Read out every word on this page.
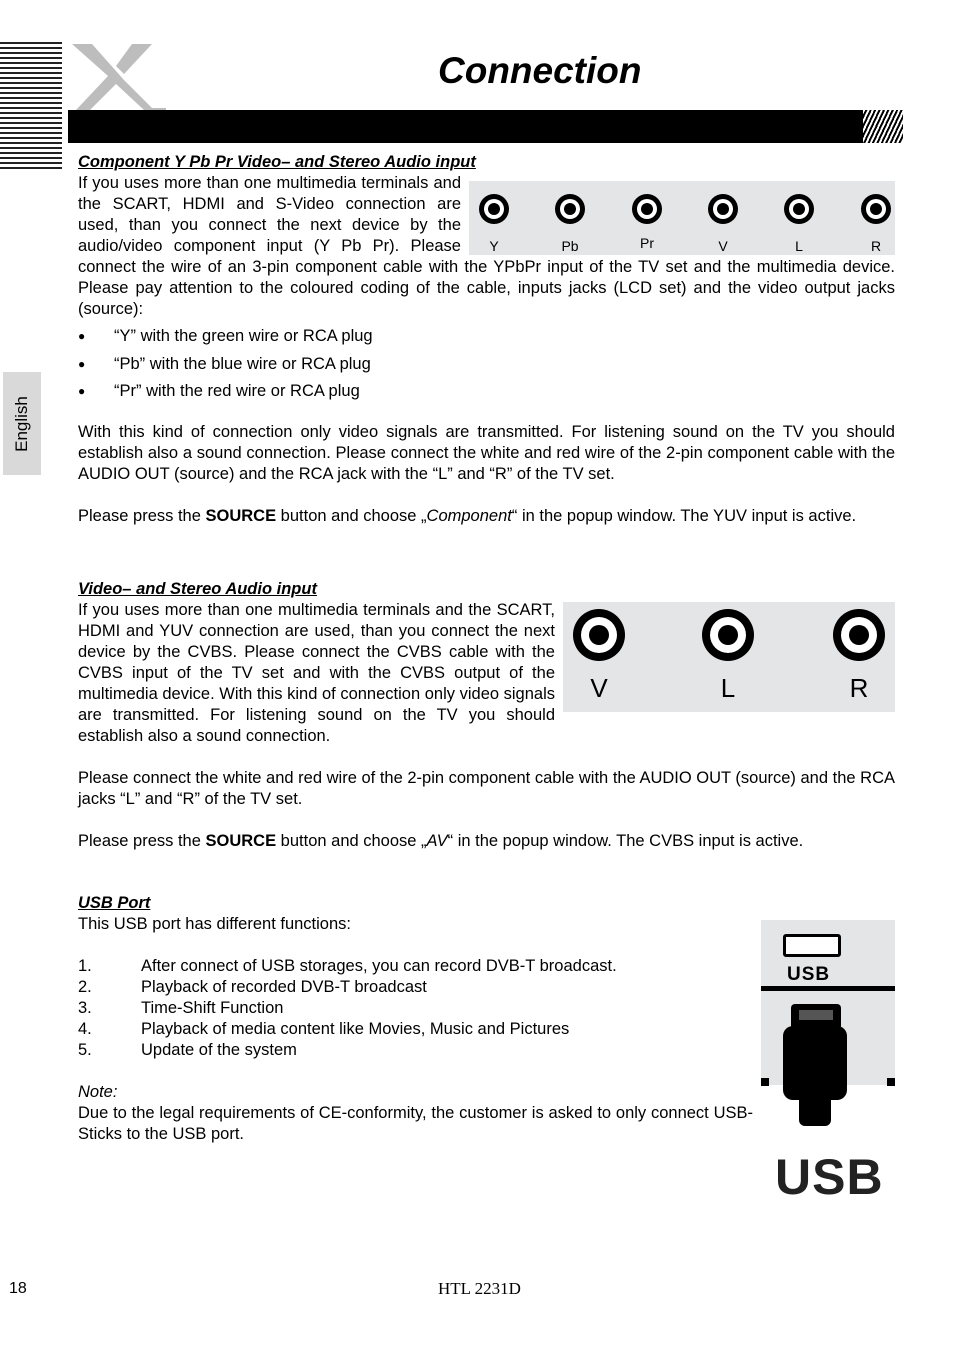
Connection
English

Component Y Pb Pr Video– and Stereo Audio input

Y	Pb	Pr	V	L	R

If you uses more than one multimedia terminals and the SCART, HDMI and S-Video connection are used, than you connect the next device by the audio/video component input (Y Pb Pr). Please connect the wire of an 3-pin component cable with the YPbPr input of the TV set and the multimedia device. Please pay attention to the coloured coding of the cable, inputs jacks (LCD set) and the video output jacks (source):

● “Y” with the green wire or RCA plug
● “Pb” with the blue wire or RCA plug
● “Pr” with the red wire or RCA plug

With this kind of connection only video signals are transmitted. For listening sound on the TV you should establish also a sound connection. Please connect the white and red wire of the 2-pin component cable with the AUDIO OUT (source) and the RCA jack with the “L” and “R” of the TV set.

Please press the SOURCE button and choose „Component“ in the popup window. The YUV input is active.

Video– and Stereo Audio input

V	L	R

If you uses more than one multimedia terminals and the SCART, HDMI and YUV connection are used, than you connect the next device by the CVBS. Please connect the CVBS cable with the CVBS input of the TV set and with the CVBS output of the multimedia device. With this kind of connection only video signals are transmitted. For listening sound on the TV you should establish also a sound connection.

Please connect the white and red wire of the 2-pin component cable with the AUDIO OUT (source) and the RCA jacks “L” and “R” of the TV set.

Please press the SOURCE button and choose „AV“ in the popup window. The CVBS input is active.

USB Port

USB
USB

This USB port has different functions:

1.	After connect of USB storages, you can record DVB-T broadcast.
2.	Playback of recorded DVB-T broadcast
3.	Time-Shift Function
4.	Playback of media content like Movies, Music and Pictures
5.	Update of the system

Note:

Due to the legal requirements of CE-conformity, the customer is asked to only connect USB-Sticks to the USB port.

18	HTL 2231D
